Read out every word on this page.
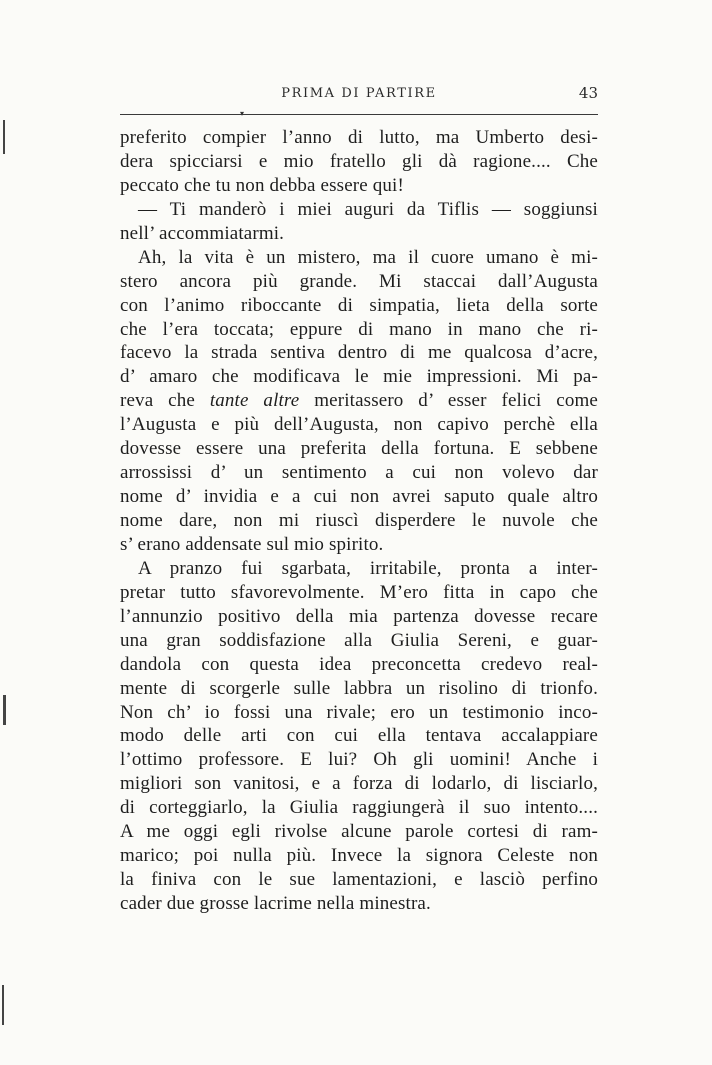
PRIMA DI PARTIRE	43
▾
preferito compier l’anno di lutto, ma Umberto desi-
dera spicciarsi e mio fratello gli dà ragione.... Che
peccato che tu non debba essere qui!
— Ti manderò i miei auguri da Tiflis — soggiunsi
nell’ accommiatarmi.
Ah, la vita è un mistero, ma il cuore umano è mi-
stero ancora più grande. Mi staccai dall’Augusta
con l’animo riboccante di simpatia, lieta della sorte
che l’era toccata; eppure di mano in mano che ri-
facevo la strada sentiva dentro di me qualcosa d’acre,
d’ amaro che modificava le mie impressioni. Mi pa-
reva che tante altre meritassero d’ esser felici come
l’Augusta e più dell’Augusta, non capivo perchè ella
dovesse essere una preferita della fortuna. E sebbene
arrossissi d’ un sentimento a cui non volevo dar
nome d’ invidia e a cui non avrei saputo quale altro
nome dare, non mi riuscì disperdere le nuvole che
s’ erano addensate sul mio spirito.
A pranzo fui sgarbata, irritabile, pronta a inter-
pretar tutto sfavorevolmente. M’ero fitta in capo che
l’annunzio positivo della mia partenza dovesse recare
una gran soddisfazione alla Giulia Sereni, e guar-
dandola con questa idea preconcetta credevo real-
mente di scorgerle sulle labbra un risolino di trionfo.
Non ch’ io fossi una rivale; ero un testimonio inco-
modo delle arti con cui ella tentava accalappiare
l’ottimo professore. E lui? Oh gli uomini! Anche i
migliori son vanitosi, e a forza di lodarlo, di lisciarlo,
di corteggiarlo, la Giulia raggiungerà il suo intento....
A me oggi egli rivolse alcune parole cortesi di ram-
marico; poi nulla più. Invece la signora Celeste non
la finiva con le sue lamentazioni, e lasciò perfino
cader due grosse lacrime nella minestra.
